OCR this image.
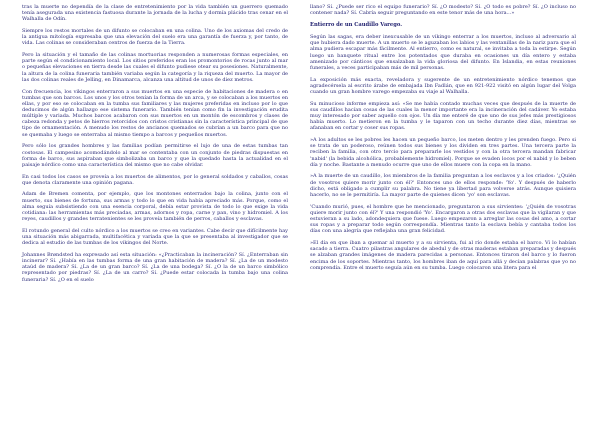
tras la muerte no dependía de la clase de entretenimiento por la vida también un guerrero quemado tenía asegurada una existencia fastuosa durante la jornada de la lucha y dormía plácido tras cenar en el Walhalla de Odín.

Siempre los restos mortales de un difunto se colocaban en una colina. Uno de los axiomas del credo de la antigua mitología expresaba que una elevación del suelo era una garantía de fuerza y, por tanto, de vida. Las colinas se consideraban centros de fuerza de la Tierra.

Pero la situación y el tamaño de las colinas mortuorias responden a numerosas formas especiales, en parte según el condicionamiento local. Los sitios preferidos eran los promontorios de rocas junto al mar o pequeñas elevaciones en tierra desde las cuales el difunto pudiese otear su posesiones. Naturalmente, la altura de la colina funeraria también variaba según la categoría y la riqueza del muerto. La mayor de las dos colinas reales de Jelling, en Dinamarca, alcanza una altitud de unos de diez metros.

Con frecuencia, los vikingos enterraron a sus muertos en una especie de habitaciones de madera o en tumbas que son barcos. Los unos y los otros tenían la forma de un arca, y se colocaban a los muertos en ellas, y por eso se colocaban en la tumba sus familiares y las mujeres preferidas en incluso por lo que deducimos de algún hallazgo ese sistema funerario. También tenían como fin la investigación erudita múltiple y variada. Muchos barcos acabaron con sus muertos en un montón de escombros y clases de cabeza redonda y petos de hierros retorcidos con cristos cristianas sin la característica principal de que tipo de ornamentación. A menudo los restos de ancianos quemados se cubrían a un barco para que no se quemaba y luego se enterraba al mismo tiempo a barcos y pequeños muertos.

Pero sólo los grandes hombres y las familias podían permitirse el lujo de una de estas tumbas tan costosas. El campesino acomodándolo al mar se contentaba con un conjunto de piedras dispuestas en forma de barco, sus aspiraban que simbolizaba un barco y que la quedado hasta la actualidad en el paisaje nórdico como una característica del mismo que no cabe olvidar.

En casi todos los casos se proveía a los muertos de alimentos, por lo general soldados y caballos, cosas que denota claramente una opinión pagana.

Adam de Bremen comenta, por ejemplo, que los montones enterrados bajo la colina, junto con el muerto, sus bienes de fortuna, sus armas y todo lo que en vida había apreciado más. Porque, como el alma seguía subsistiendo con una esencia corporal, debía estar provista de todo lo que exige la vida cotidiana: las herramientas más preciadas, armas, adornos y ropa, carne y pan, vino y hidromiel. A los reyes, caudillos y grandes terratenientes se les proveía también de perros, caballos y esclavas.

El rotundo general del culto nórdico a los muertos se creo en variantes. Cabe decir que difícilmente hay una situación más abigarrada, multifacética y variada que la que se presentaba al investigador que se dedica al estudio de las tumbas de los vikingos del Norte.

Johannes Brøndsted ha expresado así esta situación: «¿Practicaban la incineración? Sí. ¿Enterraban sin incinerar? Sí. ¿Había en las tumbas forma de una gran habitación de madera? Sí. ¿La de un modesto ataúd de madera? Sí. ¿La de un gran barco? Sí. ¿La de una bodega? Sí. ¿O la de un barco simbólico representado por piedras? Sí. ¿La de un carro? Sí. ¿Puede estar colocada la tumba bajo una colina funeraria? Sí. ¿O en el suelo

llano? Sí. ¿Puede ser rico el equipo funerario? Sí. ¿O modesto? Sí. ¿O todo es pobre? Sí. ¿O incluso no contener nada? Sí. Cabría seguir preguntando en este tenor más de una hora...»

Entierro de un Caudillo Varego.

Según las sagas, era deber inexcusable de un vikingo enterrar a los muertos, incluso al adversario al que hubiera dado muerte. A un muerto se le aguzaban los labios y las ventanillas de la nariz para que el alma pudiera escapar más fácilmente. Al entierro, como es natural, se invitaba a toda la estirpe. Según luego un banquete ritual entre los potentados que duraba en ocasiones un día entero y estaba amenizado por cánticos que ensalzaban la vida gloriosa del difunto. En Islandia, en estas reuniones funerales, a veces participaban más de mil personas.

La exposición más exacta, reveladora y sugerente de un entretenimiento nórdico tenemos que agradecérsela al escrito árabe de embajada Ibn Fadlán, que en 921-922 visitó en algún lugar del Volga cuando un gran hombre varego empezaba su viaje al Walhalla.

Su minucioso informe empieza así: «Se me había contado muchas veces que después de la muerte de sus caudillos hacían cosas de las cuales la menor importante era la incineración del cadáver. Yo estaba muy interesado por saber aquello con ojos. Un día me enteré de que uno de sus jefes más prestigiosos había muerto. Lo metieron en la tumba y le taparon con un techo durante diez días, mientras se afanaban en cortar y coser sus ropas.

»A los adultos se les pobres les hacen un pequeño barco, los meten dentro y les prenden fuego. Pero si se trata de un poderoso, reúnen todos sus bienes y los dividen en tres partes. Una tercera parte la reciben la familia, con otro tercio para prepararle los vestidos y con la otra tercera mandan fabricar 'nabid' (la bebida alcohólica, probablemente hidromiel). Porque se evaden locos por el nabid y lo beben día y noche. Bastante a menudo ocurre que uno de ellos muere con la copa en la mano.

»A la muerte de un caudillo, los miembros de la familia preguntan a los esclavos y a los criados: '¿Quién de vosotros quiere morir junto con él?' Entonces uno de ellos responde: 'Yo'. Y después de haberlo dicho, está obligado a cumplir su palabra. No tiene ya libertad para volverse atrás. Aunque quisiera hacerlo, no se le permitiría. La mayor parte de quienes dicen 'yo' son esclavas.

'Cuando murió, pues, el hombre que he mencionado, preguntaron a sus sirvientes: '¿Quién de vosotras quiere morir junto con él?' Y una respondió 'Yo'. Encargaron a otras dos esclavas que la vigilaran y que estuvieran a su lado, adondequiera que fuese. Luego empezaron a arreglar las cosas del amo, a cortar sus ropas y a preparar todo según correspondía. Mientras tanto la esclava bebía y cantaba todos los días con una alegría que reflejaba una gran felicidad.

»El día en que iban a quemar al muerto y a su sirvienta, fui al río donde estaba el barco. Vi lo habían sacado a tierra. Cuatro pilastras angulares de abedul y de otras maderas estaban preparadas y después se alzaban grandes imágenes de madera parecidas a personas. Entonces tiraron del barco y lo fueron encima de los soportes. Mientras tanto, los hombres iban de aquí para allá y decían palabras que yo no comprendía. Entre el muerto seguía aún en su tumba. Luego colocaron una litera para el
